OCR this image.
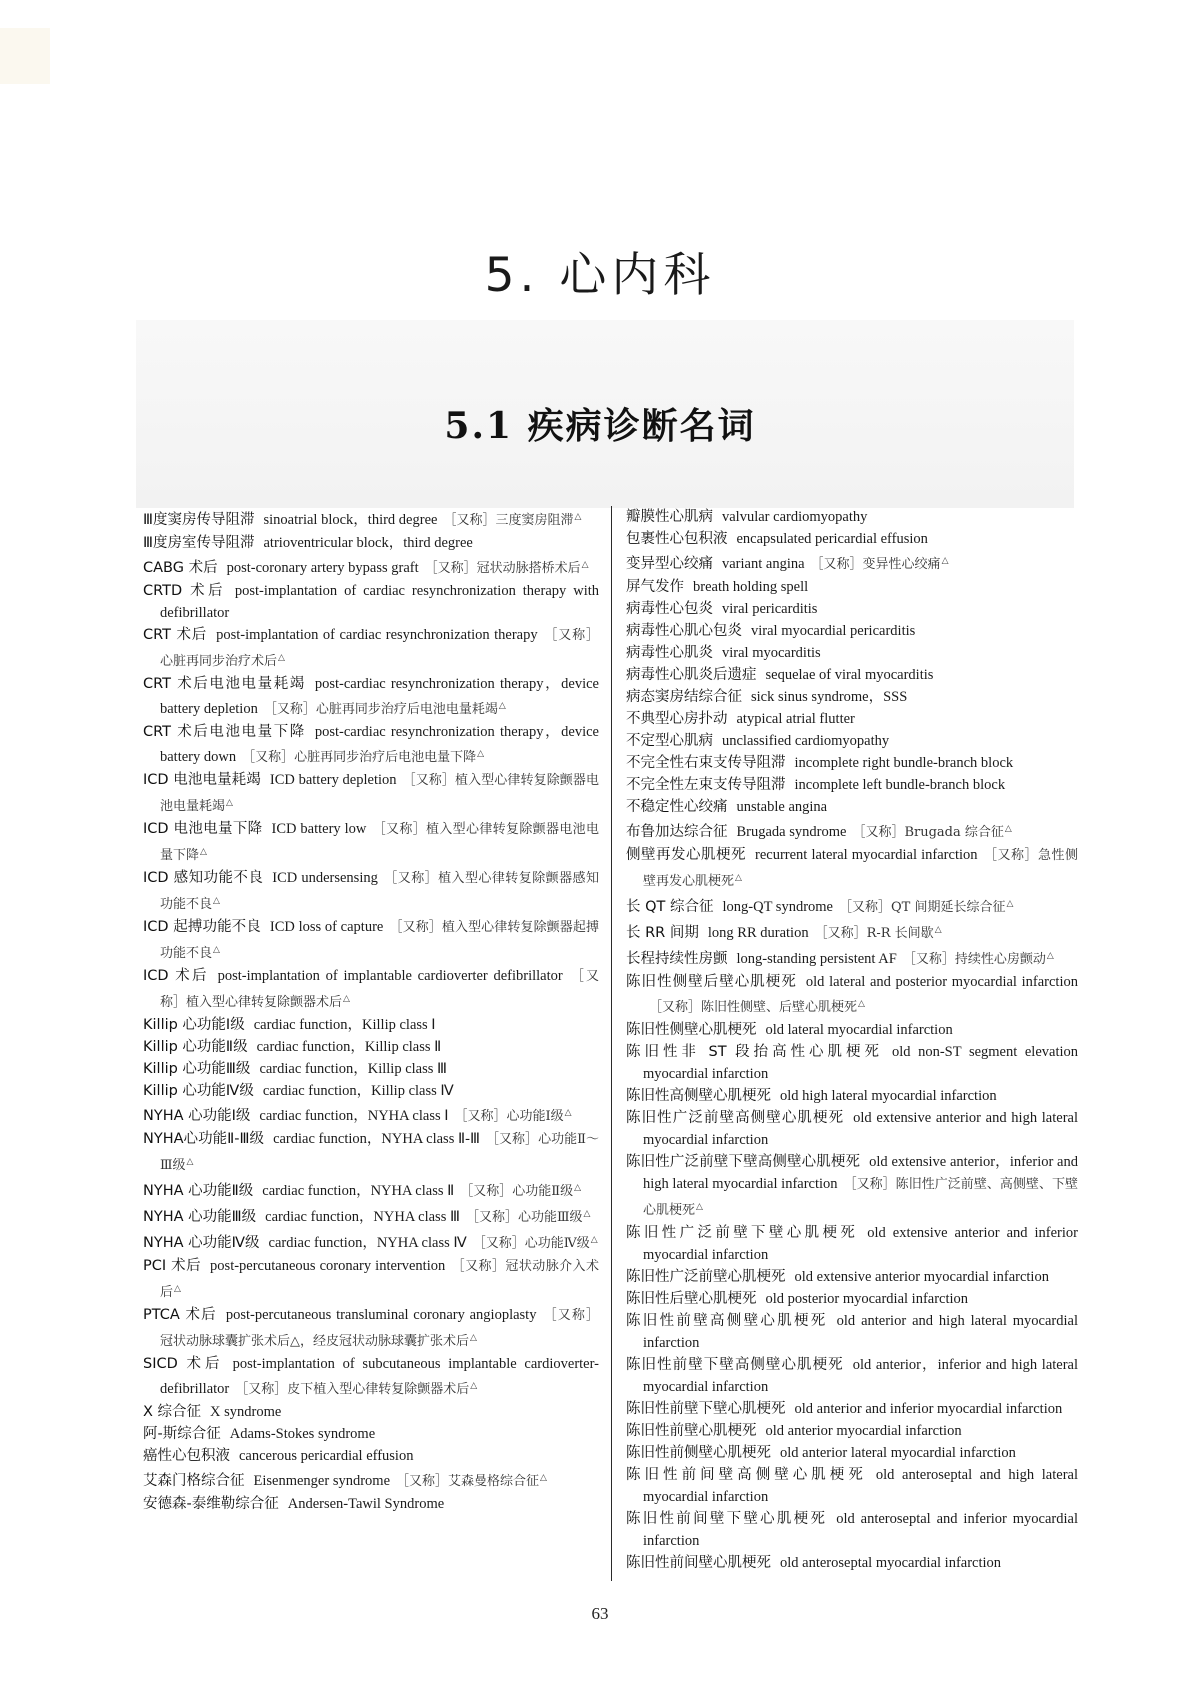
5. 心内科
5.1 疾病诊断名词
Ⅲ度窦房传导阻滞 sinoatrial block，third degree ［又称］三度窦房阻滞△
Ⅲ度房室传导阻滞 atrioventricular block，third degree
CABG 术后 post-coronary artery bypass graft ［又称］冠状动脉搭桥术后△
CRTD 术后 post-implantation of cardiac resynchronization therapy with defibrillator
CRT 术后 post-implantation of cardiac resynchronization therapy ［又称］心脏再同步治疗术后△
CRT 术后电池电量耗竭 post-cardiac resynchronization therapy，device battery depletion ［又称］心脏再同步治疗后电池电量耗竭△
CRT 术后电池电量下降 post-cardiac resynchronization therapy，device battery down ［又称］心脏再同步治疗后电池电量下降△
ICD 电池电量耗竭 ICD battery depletion ［又称］植入型心律转复除颤器电池电量耗竭△
ICD 电池电量下降 ICD battery low ［又称］植入型心律转复除颤器电池电量下降△
ICD 感知功能不良 ICD undersensing ［又称］植入型心律转复除颤器感知功能不良△
ICD 起搏功能不良 ICD loss of capture ［又称］植入型心律转复除颤器起搏功能不良△
ICD 术后 post-implantation of implantable cardioverter defibrillator ［又称］植入型心律转复除颤器术后△
Killip 心功能Ⅰ级 cardiac function，Killip class Ⅰ
Killip 心功能Ⅱ级 cardiac function，Killip class Ⅱ
Killip 心功能Ⅲ级 cardiac function，Killip class Ⅲ
Killip 心功能Ⅳ级 cardiac function，Killip class Ⅳ
NYHA 心功能Ⅰ级 cardiac function，NYHA class Ⅰ ［又称］心功能Ⅰ级△
NYHA心功能Ⅱ-Ⅲ级 cardiac function，NYHA class Ⅱ-Ⅲ ［又称］心功能Ⅱ～Ⅲ级△
NYHA 心功能Ⅱ级 cardiac function，NYHA class Ⅱ ［又称］心功能Ⅱ级△
NYHA 心功能Ⅲ级 cardiac function，NYHA class Ⅲ ［又称］心功能Ⅲ级△
NYHA 心功能Ⅳ级 cardiac function，NYHA class Ⅳ ［又称］心功能Ⅳ级△
PCI 术后 post-percutaneous coronary intervention ［又称］冠状动脉介入术后△
PTCA 术后 post-percutaneous transluminal coronary angioplasty ［又称］冠状动脉球囊扩张术后△，经皮冠状动脉球囊扩张术后△
SICD 术后 post-implantation of subcutaneous implantable cardioverter-defibrillator ［又称］皮下植入型心律转复除颤器术后△
X 综合征 X syndrome
阿-斯综合征 Adams-Stokes syndrome
癌性心包积液 cancerous pericardial effusion
艾森门格综合征 Eisenmenger syndrome ［又称］艾森曼格综合征△
安德森-泰维勒综合征 Andersen-Tawil Syndrome
瓣膜性心肌病 valvular cardiomyopathy
包裹性心包积液 encapsulated pericardial effusion
变异型心绞痛 variant angina ［又称］变异性心绞痛△
屏气发作 breath holding spell
病毒性心包炎 viral pericarditis
病毒性心肌心包炎 viral myocardial pericarditis
病毒性心肌炎 viral myocarditis
病毒性心肌炎后遗症 sequelae of viral myocarditis
病态窦房结综合征 sick sinus syndrome，SSS
不典型心房扑动 atypical atrial flutter
不定型心肌病 unclassified cardiomyopathy
不完全性右束支传导阻滞 incomplete right bundle-branch block
不完全性左束支传导阻滞 incomplete left bundle-branch block
不稳定性心绞痛 unstable angina
布鲁加达综合征 Brugada syndrome ［又称］Brugada 综合征△
侧壁再发心肌梗死 recurrent lateral myocardial infarction ［又称］急性侧壁再发心肌梗死△
长 QT 综合征 long-QT syndrome ［又称］QT 间期延长综合征△
长 RR 间期 long RR duration ［又称］R-R 长间歇△
长程持续性房颤 long-standing persistent AF ［又称］持续性心房颤动△
陈旧性侧壁后壁心肌梗死 old lateral and posterior myocardial infarction［又称］陈旧性侧壁、后壁心肌梗死△
陈旧性侧壁心肌梗死 old lateral myocardial infarction
陈旧性非 ST 段抬高性心肌梗死 old non-ST segment elevation myocardial infarction
陈旧性高侧壁心肌梗死 old high lateral myocardial infarction
陈旧性广泛前壁高侧壁心肌梗死 old extensive anterior and high lateral myocardial infarction
陈旧性广泛前壁下壁高侧壁心肌梗死 old extensive anterior，inferior and high lateral myocardial infarction ［又称］陈旧性广泛前壁、高侧壁、下壁心肌梗死△
陈旧性广泛前壁下壁心肌梗死 old extensive anterior and inferior myocardial infarction
陈旧性广泛前壁心肌梗死 old extensive anterior myocardial infarction
陈旧性后壁心肌梗死 old posterior myocardial infarction
陈旧性前壁高侧壁心肌梗死 old anterior and high lateral myocardial infarction
陈旧性前壁下壁高侧壁心肌梗死 old anterior，inferior and high lateral myocardial infarction
陈旧性前壁下壁心肌梗死 old anterior and inferior myocardial infarction
陈旧性前壁心肌梗死 old anterior myocardial infarction
陈旧性前侧壁心肌梗死 old anterior lateral myocardial infarction
陈旧性前间壁高侧壁心肌梗死 old anteroseptal and high lateral myocardial infarction
陈旧性前间壁下壁心肌梗死 old anteroseptal and inferior myocardial infarction
陈旧性前间壁心肌梗死 old anteroseptal myocardial infarction
63
